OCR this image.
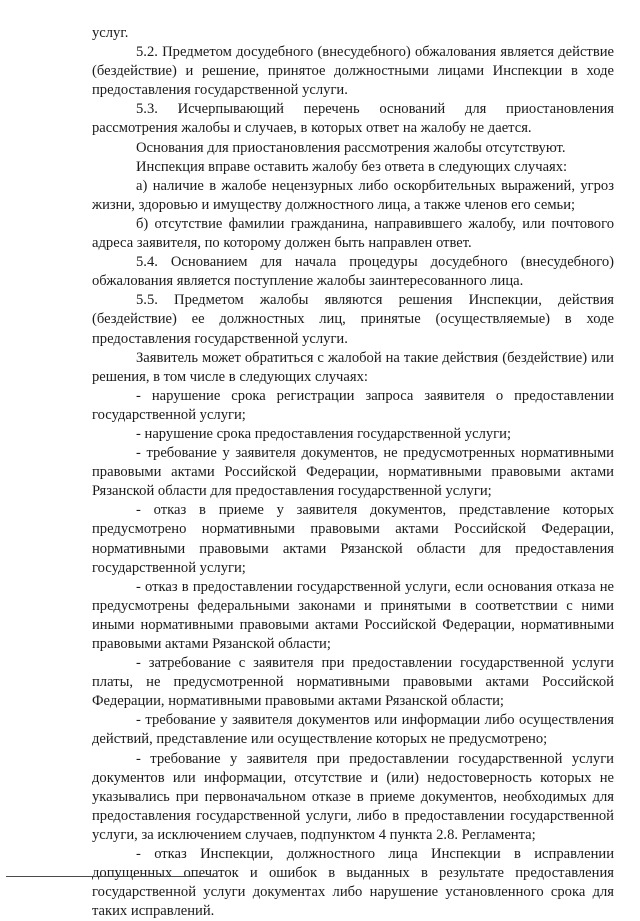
услуг.

5.2. Предметом досудебного (внесудебного) обжалования является действие (бездействие) и решение, принятое должностными лицами Инспекции в ходе предоставления государственной услуги.

5.3. Исчерпывающий перечень оснований для приостановления рассмотрения жалобы и случаев, в которых ответ на жалобу не дается.

Основания для приостановления рассмотрения жалобы отсутствуют.

Инспекция вправе оставить жалобу без ответа в следующих случаях:

а) наличие в жалобе нецензурных либо оскорбительных выражений, угроз жизни, здоровью и имуществу должностного лица, а также членов его семьи;

б) отсутствие фамилии гражданина, направившего жалобу, или почтового адреса заявителя, по которому должен быть направлен ответ.

5.4. Основанием для начала процедуры досудебного (внесудебного) обжалования является поступление жалобы заинтересованного лица.

5.5. Предметом жалобы являются решения Инспекции, действия (бездействие) ее должностных лиц, принятые (осуществляемые) в ходе предоставления государственной услуги.

Заявитель может обратиться с жалобой на такие действия (бездействие) или решения, в том числе в следующих случаях:

- нарушение срока регистрации запроса заявителя о предоставлении государственной услуги;

- нарушение срока предоставления государственной услуги;

- требование у заявителя документов, не предусмотренных нормативными правовыми актами Российской Федерации, нормативными правовыми актами Рязанской области для предоставления государственной услуги;

- отказ в приеме у заявителя документов, представление которых предусмотрено нормативными правовыми актами Российской Федерации, нормативными правовыми актами Рязанской области для предоставления государственной услуги;

- отказ в предоставлении государственной услуги, если основания отказа не предусмотрены федеральными законами и принятыми в соответствии с ними иными нормативными правовыми актами Российской Федерации, нормативными правовыми актами Рязанской области;

- затребование с заявителя при предоставлении государственной услуги платы, не предусмотренной нормативными правовыми актами Российской Федерации, нормативными правовыми актами Рязанской области;

- требование у заявителя документов или информации либо осуществления действий, представление или осуществление которых не предусмотрено;

- требование у заявителя при предоставлении государственной услуги документов или информации, отсутствие и (или) недостоверность которых не указывались при первоначальном отказе в приеме документов, необходимых для предоставления государственной услуги, либо в предоставлении государственной услуги, за исключением случаев, подпунктом 4 пункта 2.8. Регламента;

- отказ Инспекции, должностного лица Инспекции в исправлении допущенных опечаток и ошибок в выданных в результате предоставления государственной услуги документах либо нарушение установленного срока для таких исправлений.
